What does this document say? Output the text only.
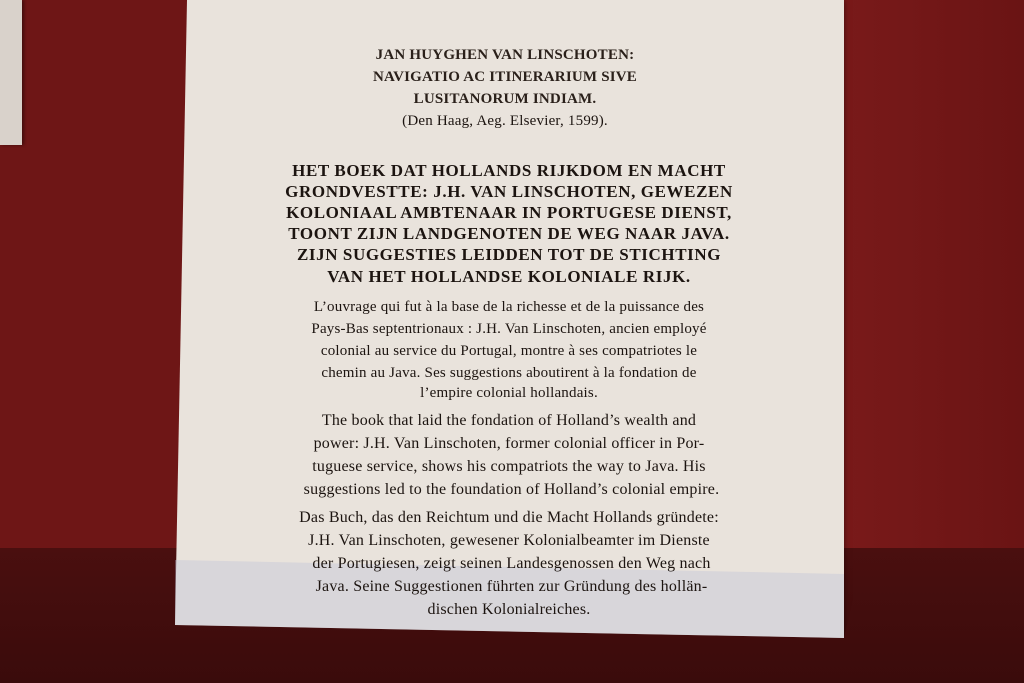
JAN HUYGHEN VAN LINSCHOTEN:
NAVIGATIO AC ITINERARIUM SIVE
LUSITANORUM INDIAM.
(Den Haag, Aeg. Elsevier, 1599).
HET BOEK DAT HOLLANDS RIJKDOM EN MACHT
GRONDVESTTE: J.H. VAN LINSCHOTEN, GEWEZEN
KOLONIAAL AMBTENAAR IN PORTUGESE DIENST,
TOONT ZIJN LANDGENOTEN DE WEG NAAR JAVA.
ZIJN SUGGESTIES LEIDDEN TOT DE STICHTING
VAN HET HOLLANDSE KOLONIALE RIJK.
L’ouvrage qui fut à la base de la richesse et de la puissance des
Pays-Bas septentrionaux : J.H. Van Linschoten, ancien employé
colonial au service du Portugal, montre à ses compatriotes le
chemin au Java. Ses suggestions aboutirent à la fondation de
l’empire colonial hollandais.
The book that laid the fondation of Holland’s wealth and
power: J.H. Van Linschoten, former colonial officer in Por-
tuguese service, shows his compatriots the way to Java. His
suggestions led to the foundation of Holland’s colonial empire.
Das Buch, das den Reichtum und die Macht Hollands gründete:
J.H. Van Linschoten, gewesener Kolonialbeamter im Dienste
der Portugiesen, zeigt seinen Landesgenossen den Weg nach
Java. Seine Suggestionen führten zur Gründung des hollän-
dischen Kolonialreiches.
